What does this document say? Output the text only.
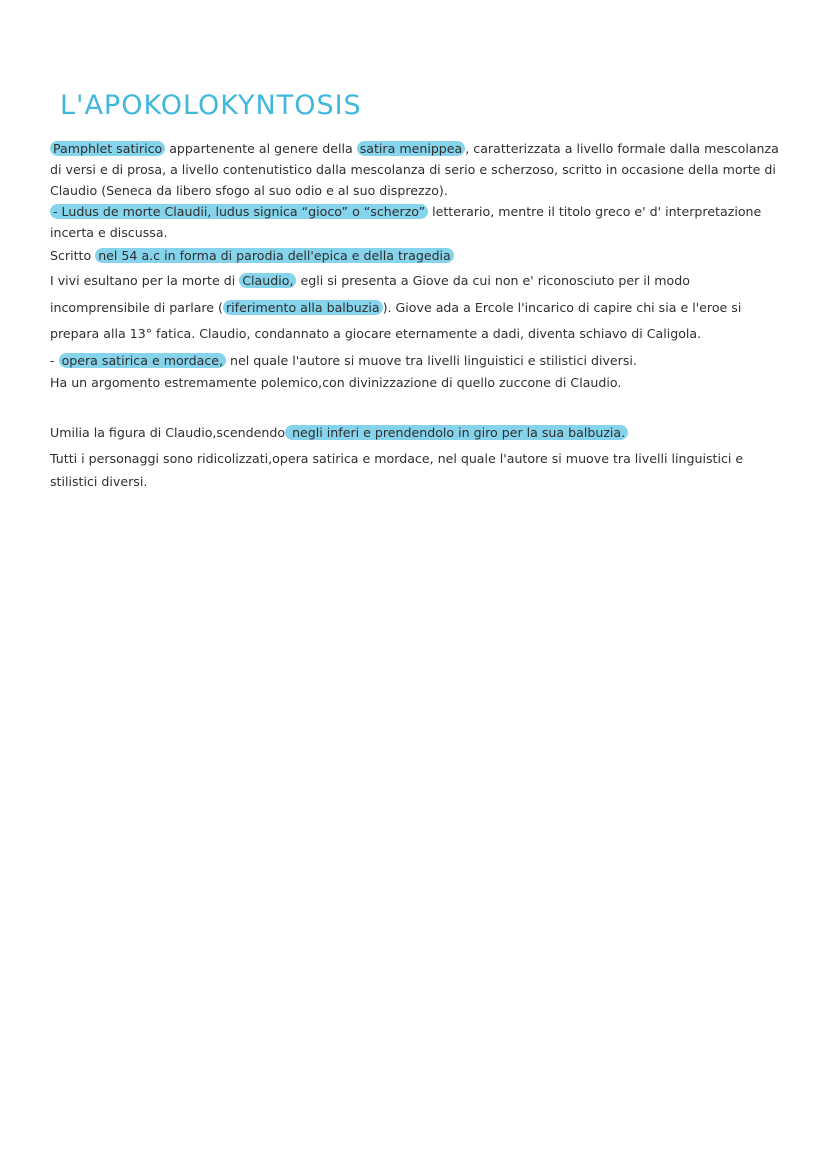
L'APOKOLOKYNTOSIS

Pamphlet satirico appartenente al genere della satira menippea , caratterizzata a livello formale dalla mescolanza di versi e di prosa, a livello contenutistico dalla mescolanza di serio e scherzoso, scritto in occasione della morte di Claudio (Seneca da libero sfogo al suo odio e al suo disprezzo).

- Ludus de morte Claudii, ludus signica “gioco” o “scherzo” letterario, mentre il titolo greco e' d' interpretazione incerta e discussa.

Scritto nel 54 a.c in forma di parodia dell'epica e della tragedia

I vivi esultano per la morte di Claudio, egli si presenta a Giove da cui non e' riconosciuto per il modo incomprensibile di parlare ( riferimento alla balbuzia ). Giove ada a Ercole l'incarico di capire chi sia e l'eroe si prepara alla 13° fatica. Claudio, condannato a giocare eternamente a dadi, diventa schiavo di Caligola.

- opera satirica e mordace, nel quale l'autore si muove tra livelli linguistici e stilistici diversi.

Ha un argomento estremamente polemico,con divinizzazione di quello zuccone di Claudio.

Umilia la figura di Claudio,scendendo negli inferi e prendendolo in giro per la sua balbuzia.

Tutti i personaggi sono ridicolizzati,opera satirica e mordace, nel quale l'autore si muove tra livelli linguistici e stilistici diversi.
